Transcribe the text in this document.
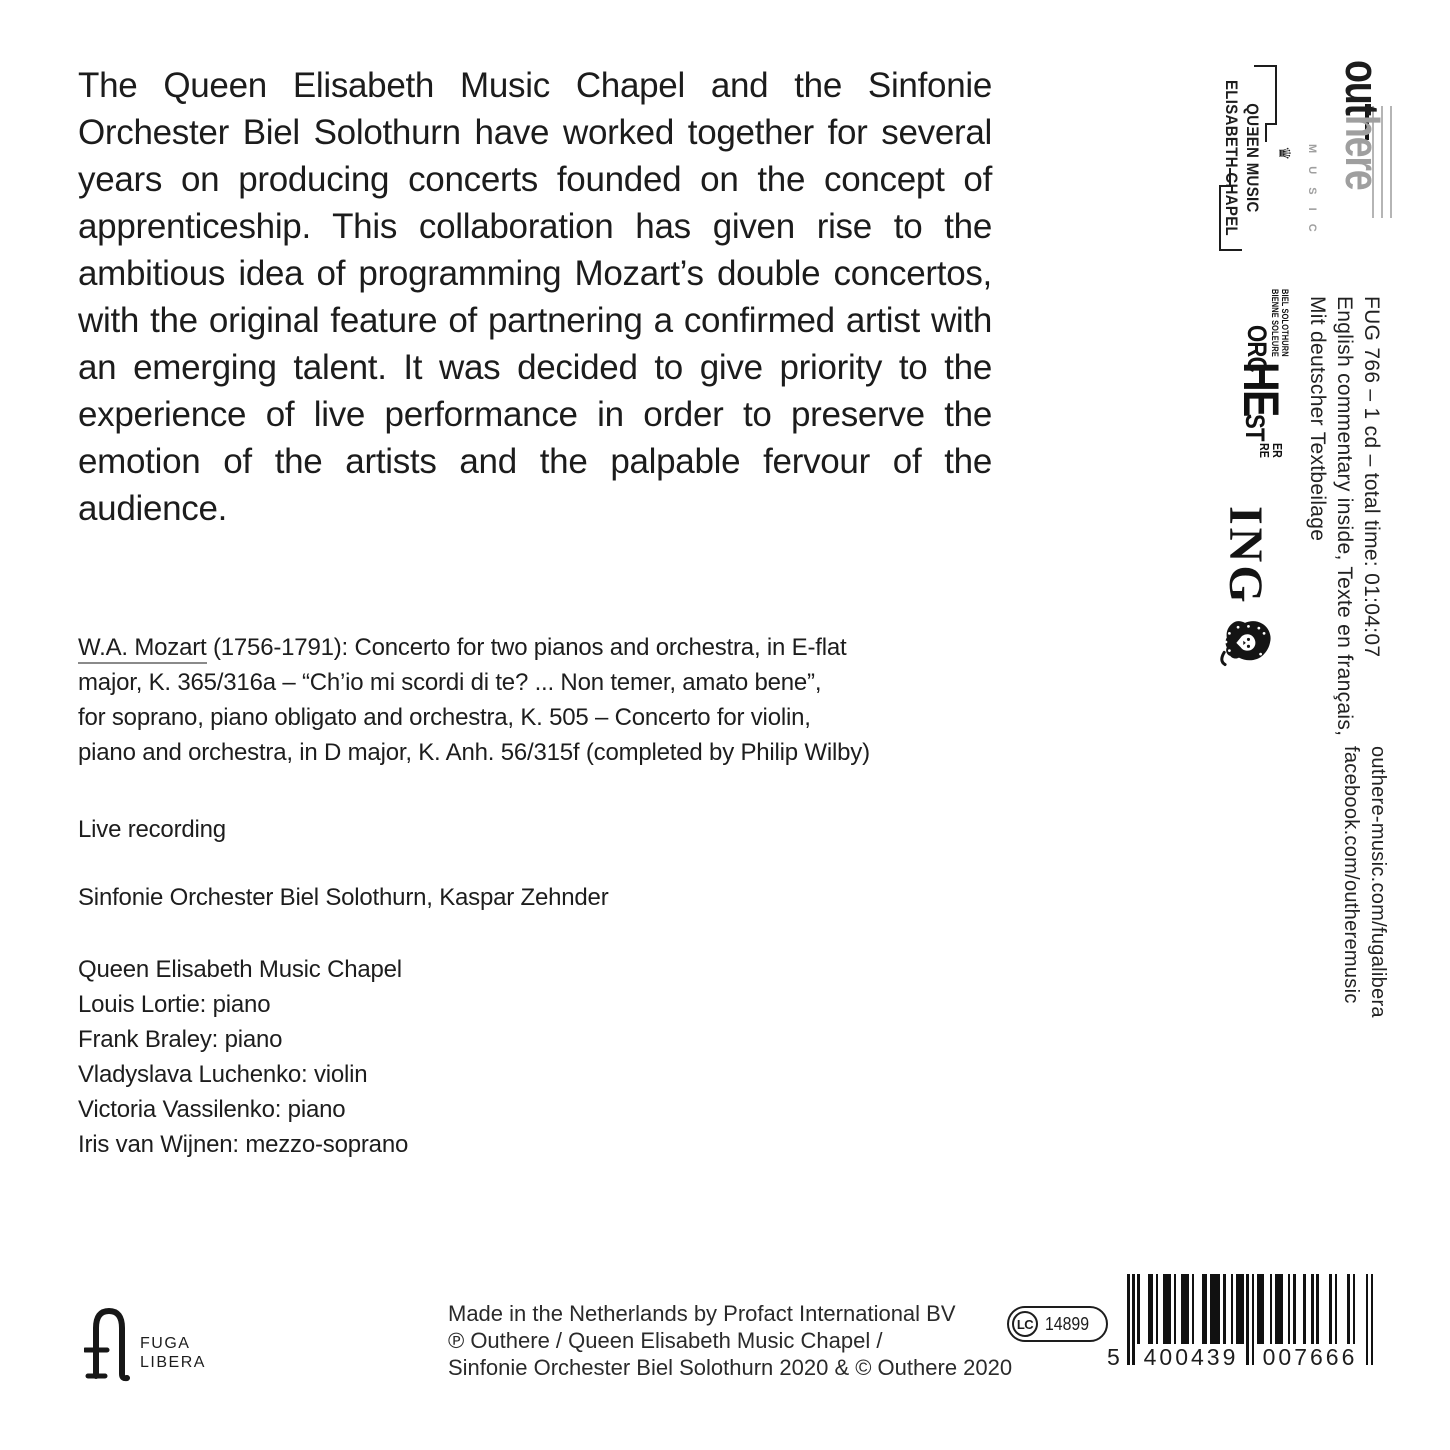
The Queen Elisabeth Music Chapel and the Sinfonie Orchester Biel Solothurn have worked together for several years on producing concerts founded on the concept of apprenticeship. This collaboration has given rise to the ambitious idea of programming Mozart’s double concertos, with the original feature of partnering a confirmed artist with an emerging talent. It was decided to give priority to the experience of live performance in order to preserve the emotion of the artists and the palpable fervour of the audience.
W.A. Mozart (1756-1791): Concerto for two pianos and orchestra, in E-flat
major, K. 365/316a – “Ch’io mi scordi di te? ... Non temer, amato bene”,
for soprano, piano obligato and orchestra, K. 505 – Concerto for violin,
piano and orchestra, in D major, K. Anh. 56/315f (completed by Philip Wilby)
Live recording
Sinfonie Orchester Biel Solothurn, Kaspar Zehnder
Queen Elisabeth Music Chapel
Louis Lortie: piano
Frank Braley: piano
Vladyslava Luchenko: violin
Victoria Vassilenko: piano
Iris van Wijnen: mezzo-soprano
Made in the Netherlands by Profact International BV
℗ Outhere / Queen Elisabeth Music Chapel /
Sinfonie Orchester Biel Solothurn 2020 & © Outhere 2020
FUGA
LIBERA
LC 14899
5 400439	007666
FUG 766 – 1 cd – total time: 01:04:07
English commentary inside, Texte en français,
Mit deutscher Textbeilage
outhere-music.com/fugalibera
facebook.com/outheremusic
♛
QUƎEN MUSIC
ELISABETH CHAPEL outhere
M U S I C
BIEL SOLOTHURN
BIENNE SOLEURE
ORC
HE
ST
ER
RE
ING
